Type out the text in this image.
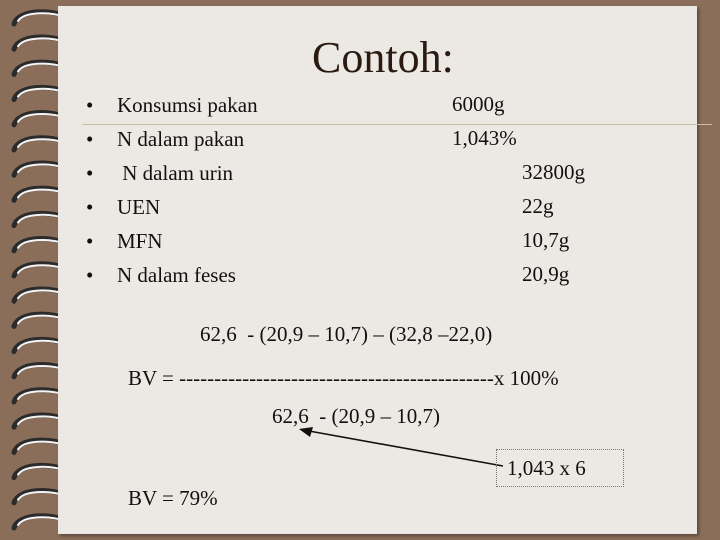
Contoh:
• Konsumsi pakan
• N dalam pakan
• N dalam urin
• UEN
• MFN
• N dalam feses
6000g
1,043%
32800g
22g
10,7g
20,9g
62,6  - (20,9 – 10,7) – (32,8 –22,0)
BV = ---------------------------------------------x 100%
62,6  - (20,9 – 10,7)
1,043 x 6
BV = 79%
